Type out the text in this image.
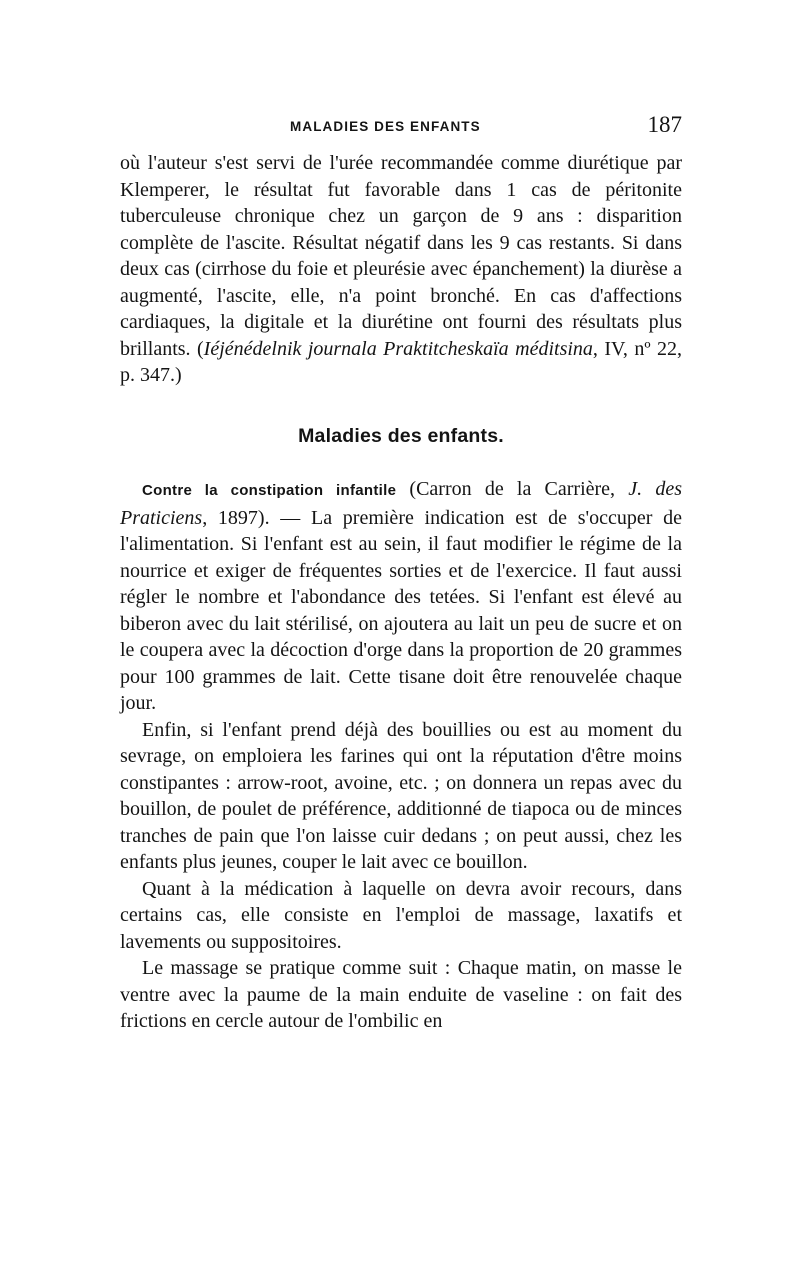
MALADIES DES ENFANTS	187

où l'auteur s'est servi de l'urée recommandée comme diurétique par Klemperer, le résultat fut favorable dans 1 cas de péritonite tuberculeuse chronique chez un garçon de 9 ans : disparition complète de l'ascite. Résultat négatif dans les 9 cas restants. Si dans deux cas (cirrhose du foie et pleurésie avec épanchement) la diurèse a augmenté, l'ascite, elle, n'a point bronché. En cas d'affections cardiaques, la digitale et la diurétine ont fourni des résultats plus brillants. (Iéjénédelnik journala Praktitcheskaïa méditsina, IV, nº 22, p. 347.)

Maladies des enfants.

Contre la constipation infantile (Carron de la Carrière, J. des Praticiens, 1897). — La première indication est de s'occuper de l'alimentation. Si l'enfant est au sein, il faut modifier le régime de la nourrice et exiger de fréquentes sorties et de l'exercice. Il faut aussi régler le nombre et l'abondance des tetées. Si l'enfant est élevé au biberon avec du lait stérilisé, on ajoutera au lait un peu de sucre et on le coupera avec la décoction d'orge dans la proportion de 20 grammes pour 100 grammes de lait. Cette tisane doit être renouvelée chaque jour.

Enfin, si l'enfant prend déjà des bouillies ou est au moment du sevrage, on emploiera les farines qui ont la réputation d'être moins constipantes : arrow-root, avoine, etc. ; on donnera un repas avec du bouillon, de poulet de préférence, additionné de tiapoca ou de minces tranches de pain que l'on laisse cuir dedans ; on peut aussi, chez les enfants plus jeunes, couper le lait avec ce bouillon.

Quant à la médication à laquelle on devra avoir recours, dans certains cas, elle consiste en l'emploi de massage, laxatifs et lavements ou suppositoires.

Le massage se pratique comme suit : Chaque matin, on masse le ventre avec la paume de la main enduite de vaseline : on fait des frictions en cercle autour de l'ombilic en
